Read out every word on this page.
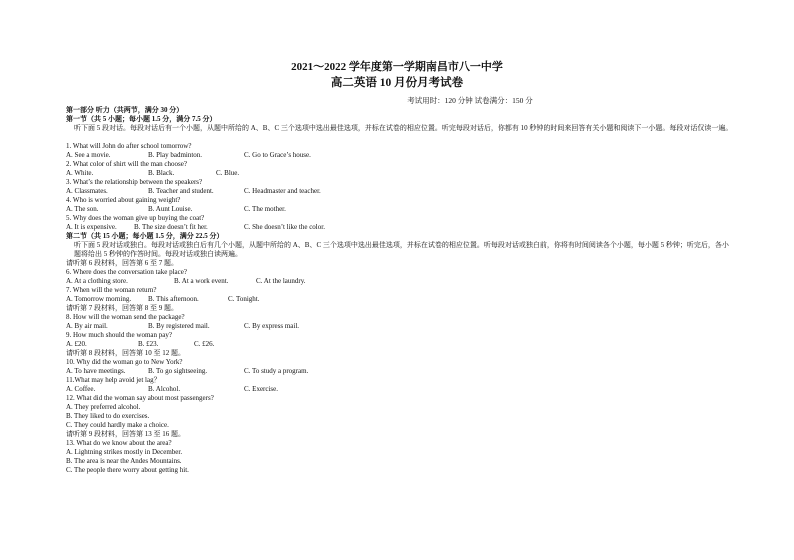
2021～2022 学年度第一学期南昌市八一中学
高二英语 10 月份月考试卷
考试用时：120 分钟 试卷满分：150 分
第一部分 听力（共两节，满分 30 分）
第一节（共 5 小题；每小题 1.5 分，满分 7.5 分）
听下面 5 段对话。每段对话后有一个小题，从题中所给的 A、B、C 三个选项中选出最佳选项，并标在试卷的相应位置。听完每段对话后，你都有 10 秒钟的时间来回答有关小题和阅读下一小题。每段对话仅读一遍。
1. What will John do after school tomorrow?
A. See a movie.	B. Play badminton.	C. Go to Grace’s house.
2. What color of shirt will the man choose?
A. White.	B. Black.	C. Blue.
3. What’s the relationship between the speakers?
A. Classmates.	B. Teacher and student.	C. Headmaster and teacher.
4. Who is worried about gaining weight?
A. The son.	B. Aunt Louise.	C. The mother.
5. Why does the woman give up buying the coat?
A. It is expensive.	B. The size doesn’t fit her.	C. She doesn’t like the color.
第二节（共 15 小题；每小题 1.5 分，满分 22.5 分）
听下面 5 段对话或独白。每段对话或独白后有几个小题，从题中所给的 A、B、C 三个选项中选出最佳选项，并标在试卷的相应位置。听每段对话或独白前，你将有时间阅读各个小题，每小题 5 秒钟；听完后，各小题将给出 5 秒钟的作答时间。每段对话或独白读两遍。
请听第 6 段材料，回答第 6 至 7 题。
6. Where does the conversation take place?
A. At a clothing store.	B. At a work event.	C. At the laundry.
7. When will the woman return?
A. Tomorrow morning.	B. This afternoon.	C. Tonight.
请听第 7 段材料，回答第 8 至 9 题。
8. How will the woman send the package?
A. By air mail.	B. By registered mail.	C. By express mail.
9. How much should the woman pay?
A. £20.	B. £23.	C. £26.
请听第 8 段材料，回答第 10 至 12 题。
10. Why did the woman go to New York?
A. To have meetings.	B. To go sightseeing.	C. To study a program.
11.What may help avoid jet lag？
A. Coffee.	B. Alcohol.	C. Exercise.
12. What did the woman say about most passengers?
A. They preferred alcohol.
B. They liked to do exercises.
C. They could hardly make a choice.
请听第 9 段材料，回答第 13 至 16 题。
13. What do we know about the area?
A. Lightning strikes mostly in December.
B. The area is near the Andes Mountains.
C. The people there worry about getting hit.
